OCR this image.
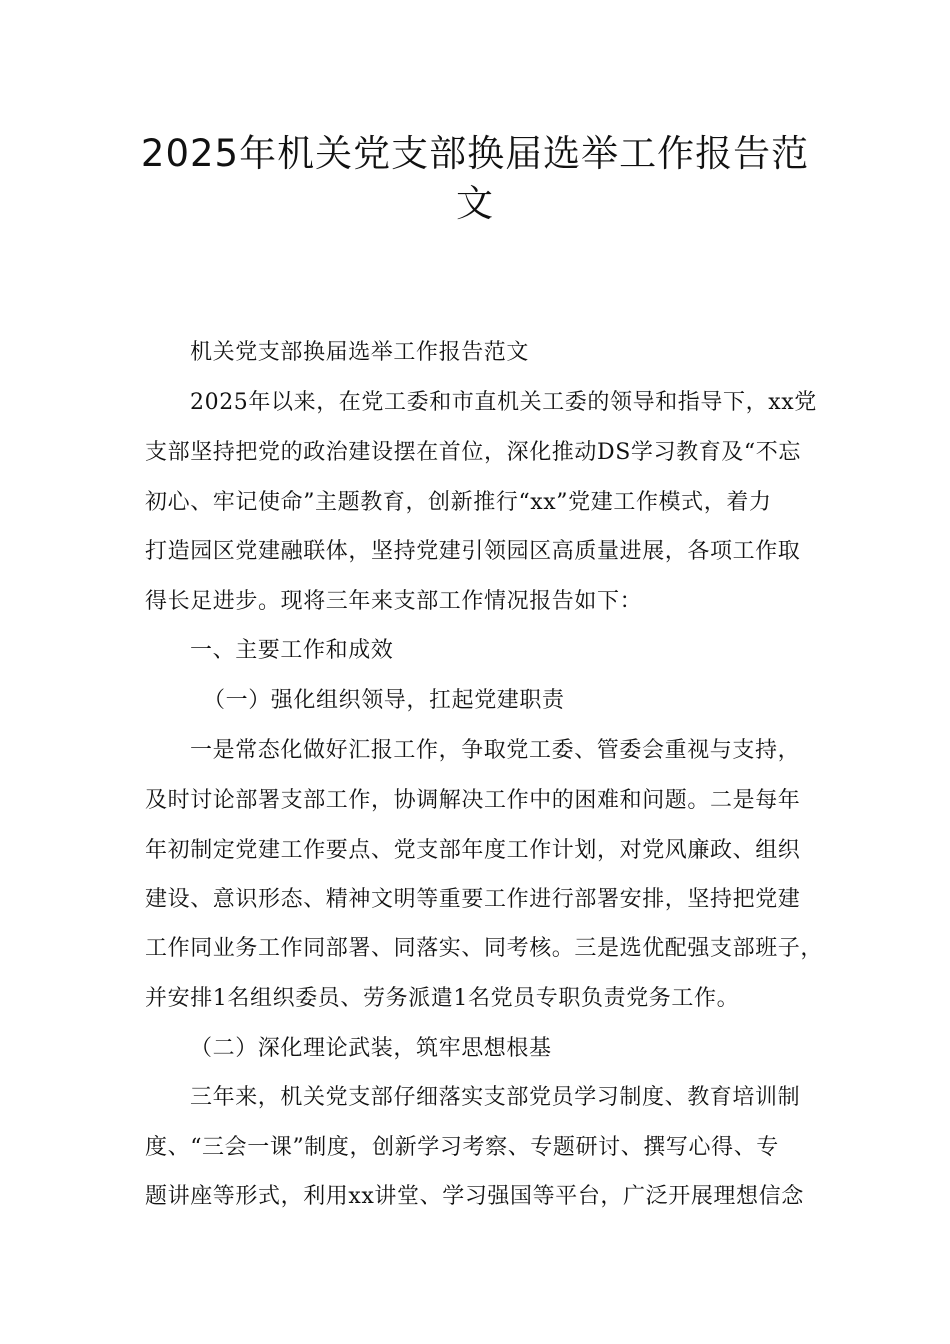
2025年机关党支部换届选举工作报告范
文
机关党支部换届选举工作报告范文
2025年以来，在党工委和市直机关工委的领导和指导下，xx党
支部坚持把党的政治建设摆在首位，深化推动DS学习教育及“不忘
初心、牢记使命”主题教育，创新推行“xx”党建工作模式，着力
打造园区党建融联体，坚持党建引领园区高质量进展，各项工作取
得长足进步。现将三年来支部工作情况报告如下：
一、主要工作和成效
（一）强化组织领导，扛起党建职责
一是常态化做好汇报工作，争取党工委、管委会重视与支持，
及时讨论部署支部工作，协调解决工作中的困难和问题。二是每年
年初制定党建工作要点、党支部年度工作计划，对党风廉政、组织
建设、意识形态、精神文明等重要工作进行部署安排，坚持把党建
工作同业务工作同部署、同落实、同考核。三是选优配强支部班子，
并安排1名组织委员、劳务派遣1名党员专职负责党务工作。
（二）深化理论武装，筑牢思想根基
三年来，机关党支部仔细落实支部党员学习制度、教育培训制
度、“三会一课”制度，创新学习考察、专题研讨、撰写心得、专
题讲座等形式，利用xx讲堂、学习强国等平台，广泛开展理想信念
